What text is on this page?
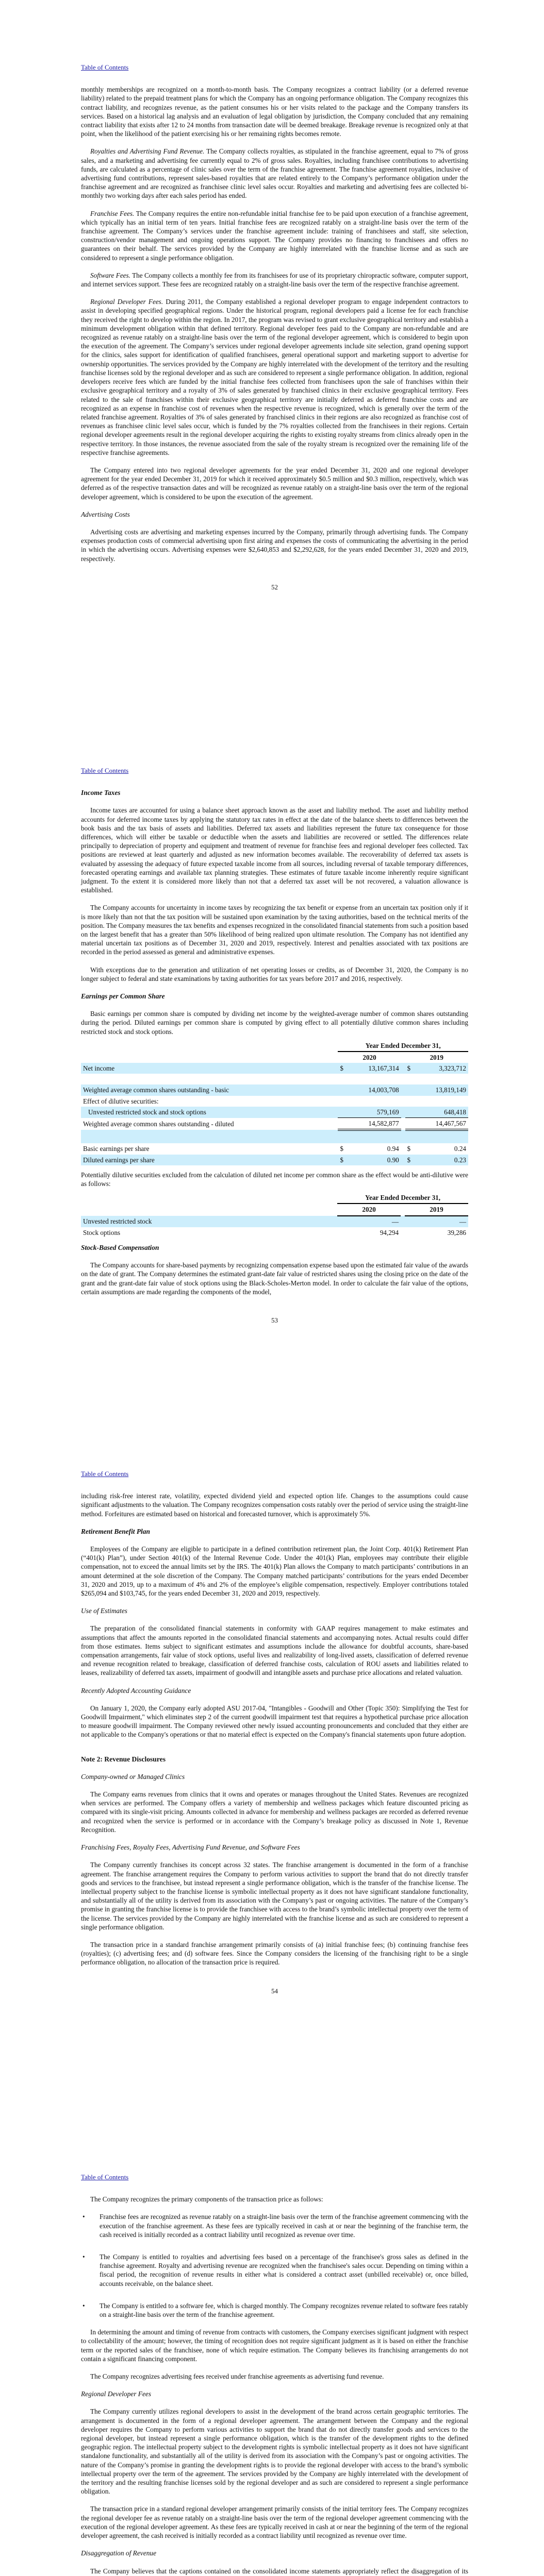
Table of Contents

monthly memberships are recognized on a month-to-month basis. The Company recognizes a contract liability (or a deferred revenue liability) related to the prepaid treatment plans for which the Company has an ongoing performance obligation. The Company recognizes this contract liability, and recognizes revenue, as the patient consumes his or her visits related to the package and the Company transfers its services. Based on a historical lag analysis and an evaluation of legal obligation by jurisdiction, the Company concluded that any remaining contract liability that exists after 12 to 24 months from transaction date will be deemed breakage. Breakage revenue is recognized only at that point, when the likelihood of the patient exercising his or her remaining rights becomes remote.

Royalties and Advertising Fund Revenue. The Company collects royalties, as stipulated in the franchise agreement, equal to 7% of gross sales, and a marketing and advertising fee currently equal to 2% of gross sales. Royalties, including franchisee contributions to advertising funds, are calculated as a percentage of clinic sales over the term of the franchise agreement. The franchise agreement royalties, inclusive of advertising fund contributions, represent sales-based royalties that are related entirely to the Company’s performance obligation under the franchise agreement and are recognized as franchisee clinic level sales occur. Royalties and marketing and advertising fees are collected bi-monthly two working days after each sales period has ended.

Franchise Fees. The Company requires the entire non-refundable initial franchise fee to be paid upon execution of a franchise agreement, which typically has an initial term of ten years. Initial franchise fees are recognized ratably on a straight-line basis over the term of the franchise agreement. The Company’s services under the franchise agreement include: training of franchisees and staff, site selection, construction/vendor management and ongoing operations support. The Company provides no financing to franchisees and offers no guarantees on their behalf. The services provided by the Company are highly interrelated with the franchise license and as such are considered to represent a single performance obligation.

Software Fees. The Company collects a monthly fee from its franchisees for use of its proprietary chiropractic software, computer support, and internet services support. These fees are recognized ratably on a straight-line basis over the term of the respective franchise agreement.

Regional Developer Fees. During 2011, the Company established a regional developer program to engage independent contractors to assist in developing specified geographical regions. Under the historical program, regional developers paid a license fee for each franchise they received the right to develop within the region. In 2017, the program was revised to grant exclusive geographical territory and establish a minimum development obligation within that defined territory. Regional developer fees paid to the Company are non-refundable and are recognized as revenue ratably on a straight-line basis over the term of the regional developer agreement, which is considered to begin upon the execution of the agreement. The Company’s services under regional developer agreements include site selection, grand opening support for the clinics, sales support for identification of qualified franchisees, general operational support and marketing support to advertise for ownership opportunities. The services provided by the Company are highly interrelated with the development of the territory and the resulting franchise licenses sold by the regional developer and as such are considered to represent a single performance obligation. In addition, regional developers receive fees which are funded by the initial franchise fees collected from franchisees upon the sale of franchises within their exclusive geographical territory and a royalty of 3% of sales generated by franchised clinics in their exclusive geographical territory. Fees related to the sale of franchises within their exclusive geographical territory are initially deferred as deferred franchise costs and are recognized as an expense in franchise cost of revenues when the respective revenue is recognized, which is generally over the term of the related franchise agreement. Royalties of 3% of sales generated by franchised clinics in their regions are also recognized as franchise cost of revenues as franchisee clinic level sales occur, which is funded by the 7% royalties collected from the franchisees in their regions. Certain regional developer agreements result in the regional developer acquiring the rights to existing royalty streams from clinics already open in the respective territory. In those instances, the revenue associated from the sale of the royalty stream is recognized over the remaining life of the respective franchise agreements.

The Company entered into two regional developer agreements for the year ended December 31, 2020 and one regional developer agreement for the year ended December 31, 2019 for which it received approximately $0.5 million and $0.3 million, respectively, which was deferred as of the respective transaction dates and will be recognized as revenue ratably on a straight-line basis over the term of the regional developer agreement, which is considered to be upon the execution of the agreement.

Advertising Costs

Advertising costs are advertising and marketing expenses incurred by the Company, primarily through advertising funds. The Company expenses production costs of commercial advertising upon first airing and expenses the costs of communicating the advertising in the period in which the advertising occurs. Advertising expenses were $2,640,853 and $2,292,628, for the years ended December 31, 2020 and 2019, respectively.

52
Table of Contents
Income Taxes

Income taxes are accounted for using a balance sheet approach known as the asset and liability method. The asset and liability method accounts for deferred income taxes by applying the statutory tax rates in effect at the date of the balance sheets to differences between the book basis and the tax basis of assets and liabilities. Deferred tax assets and liabilities represent the future tax consequence for those differences, which will either be taxable or deductible when the assets and liabilities are recovered or settled. The differences relate principally to depreciation of property and equipment and treatment of revenue for franchise fees and regional developer fees collected. Tax positions are reviewed at least quarterly and adjusted as new information becomes available. The recoverability of deferred tax assets is evaluated by assessing the adequacy of future expected taxable income from all sources, including reversal of taxable temporary differences, forecasted operating earnings and available tax planning strategies. These estimates of future taxable income inherently require significant judgment. To the extent it is considered more likely than not that a deferred tax asset will be not recovered, a valuation allowance is established.

The Company accounts for uncertainty in income taxes by recognizing the tax benefit or expense from an uncertain tax position only if it is more likely than not that the tax position will be sustained upon examination by the taxing authorities, based on the technical merits of the position. The Company measures the tax benefits and expenses recognized in the consolidated financial statements from such a position based on the largest benefit that has a greater than 50% likelihood of being realized upon ultimate resolution. The Company has not identified any material uncertain tax positions as of December 31, 2020 and 2019, respectively. Interest and penalties associated with tax positions are recorded in the period assessed as general and administrative expenses.

With exceptions due to the generation and utilization of net operating losses or credits, as of December 31, 2020, the Company is no longer subject to federal and state examinations by taxing authorities for tax years before 2017 and 2016, respectively.

Earnings per Common Share

Basic earnings per common share is computed by dividing net income by the weighted-average number of common shares outstanding during the period. Diluted earnings per common share is computed by giving effect to all potentially dilutive common shares including restricted stock and stock options.

	Year Ended December 31,				
	2020			2019	
Net income	$	13,167,314		$	3,323,712

Weighted average common shares outstanding - basic		14,003,708			13,819,149
Effect of dilutive securities:					
Unvested restricted stock and stock options		579,169			648,418
Weighted average common shares outstanding - diluted		14,582,877			14,467,567

Basic earnings per share	$	0.94		$	0.24
Diluted earnings per share	$	0.90		$	0.23

Potentially dilutive securities excluded from the calculation of diluted net income per common share as the effect would be anti-dilutive were as follows:

	Year Ended December 31,				
	2020			2019	
Unvested restricted stock		—			—
Stock options		94,294			39,286
Stock-Based Compensation

The Company accounts for share-based payments by recognizing compensation expense based upon the estimated fair value of the awards on the date of grant. The Company determines the estimated grant-date fair value of restricted shares using the closing price on the date of the grant and the grant-date fair value of stock options using the Black-Scholes-Merton model. In order to calculate the fair value of the options, certain assumptions are made regarding the components of the model,

53
Table of Contents

including risk-free interest rate, volatility, expected dividend yield and expected option life. Changes to the assumptions could cause significant adjustments to the valuation. The Company recognizes compensation costs ratably over the period of service using the straight-line method. Forfeitures are estimated based on historical and forecasted turnover, which is approximately 5%.

Retirement Benefit Plan

Employees of the Company are eligible to participate in a defined contribution retirement plan, the Joint Corp. 401(k) Retirement Plan (“401(k) Plan”), under Section 401(k) of the Internal Revenue Code. Under the 401(k) Plan, employees may contribute their eligible compensation, not to exceed the annual limits set by the IRS. The 401(k) Plan allows the Company to match participants’ contributions in an amount determined at the sole discretion of the Company. The Company matched participants’ contributions for the years ended December 31, 2020 and 2019, up to a maximum of 4% and 2% of the employee’s eligible compensation, respectively. Employer contributions totaled $265,094 and $103,745, for the years ended December 31, 2020 and 2019, respectively.

Use of Estimates

The preparation of the consolidated financial statements in conformity with GAAP requires management to make estimates and assumptions that affect the amounts reported in the consolidated financial statements and accompanying notes. Actual results could differ from those estimates. Items subject to significant estimates and assumptions include the allowance for doubtful accounts, share-based compensation arrangements, fair value of stock options, useful lives and realizability of long-lived assets, classification of deferred revenue and revenue recognition related to breakage, classification of deferred franchise costs, calculation of ROU assets and liabilities related to leases, realizability of deferred tax assets, impairment of goodwill and intangible assets and purchase price allocations and related valuation.

Recently Adopted Accounting Guidance

On January 1, 2020, the Company early adopted ASU 2017-04, "Intangibles - Goodwill and Other (Topic 350): Simplifying the Test for Goodwill Impairment," which eliminates step 2 of the current goodwill impairment test that requires a hypothetical purchase price allocation to measure goodwill impairment. The Company reviewed other newly issued accounting pronouncements and concluded that they either are not applicable to the Company's operations or that no material effect is expected on the Company's financial statements upon future adoption.

Note 2: Revenue Disclosures
Company-owned or Managed Clinics

The Company earns revenues from clinics that it owns and operates or manages throughout the United States. Revenues are recognized when services are performed. The Company offers a variety of membership and wellness packages which feature discounted pricing as compared with its single-visit pricing. Amounts collected in advance for membership and wellness packages are recorded as deferred revenue and recognized when the service is performed or in accordance with the Company’s breakage policy as discussed in Note 1, Revenue Recognition.

Franchising Fees, Royalty Fees, Advertising Fund Revenue, and Software Fees

The Company currently franchises its concept across 32 states. The franchise arrangement is documented in the form of a franchise agreement. The franchise arrangement requires the Company to perform various activities to support the brand that do not directly transfer goods and services to the franchisee, but instead represent a single performance obligation, which is the transfer of the franchise license. The intellectual property subject to the franchise license is symbolic intellectual property as it does not have significant standalone functionality, and substantially all of the utility is derived from its association with the Company’s past or ongoing activities. The nature of the Company’s promise in granting the franchise license is to provide the franchisee with access to the brand’s symbolic intellectual property over the term of the license. The services provided by the Company are highly interrelated with the franchise license and as such are considered to represent a single performance obligation.

The transaction price in a standard franchise arrangement primarily consists of (a) initial franchise fees; (b) continuing franchise fees (royalties); (c) advertising fees; and (d) software fees. Since the Company considers the licensing of the franchising right to be a single performance obligation, no allocation of the transaction price is required.

54
Table of Contents

The Company recognizes the primary components of the transaction price as follows:

• Franchise fees are recognized as revenue ratably on a straight-line basis over the term of the franchise agreement commencing with the execution of the franchise agreement. As these fees are typically received in cash at or near the beginning of the franchise term, the cash received is initially recorded as a contract liability until recognized as revenue over time.
• The Company is entitled to royalties and advertising fees based on a percentage of the franchisee's gross sales as defined in the franchise agreement. Royalty and advertising revenue are recognized when the franchisee's sales occur. Depending on timing within a fiscal period, the recognition of revenue results in either what is considered a contract asset (unbilled receivable) or, once billed, accounts receivable, on the balance sheet.
• The Company is entitled to a software fee, which is charged monthly. The Company recognizes revenue related to software fees ratably on a straight-line basis over the term of the franchise agreement.

In determining the amount and timing of revenue from contracts with customers, the Company exercises significant judgment with respect to collectability of the amount; however, the timing of recognition does not require significant judgment as it is based on either the franchise term or the reported sales of the franchisee, none of which require estimation. The Company believes its franchising arrangements do not contain a significant financing component.

The Company recognizes advertising fees received under franchise agreements as advertising fund revenue.

Regional Developer Fees

The Company currently utilizes regional developers to assist in the development of the brand across certain geographic territories. The arrangement is documented in the form of a regional developer agreement. The arrangement between the Company and the regional developer requires the Company to perform various activities to support the brand that do not directly transfer goods and services to the regional developer, but instead represent a single performance obligation, which is the transfer of the development rights to the defined geographic region. The intellectual property subject to the development rights is symbolic intellectual property as it does not have significant standalone functionality, and substantially all of the utility is derived from its association with the Company’s past or ongoing activities. The nature of the Company’s promise in granting the development rights is to provide the regional developer with access to the brand’s symbolic intellectual property over the term of the agreement. The services provided by the Company are highly interrelated with the development of the territory and the resulting franchise licenses sold by the regional developer and as such are considered to represent a single performance obligation.

The transaction price in a standard regional developer arrangement primarily consists of the initial territory fees. The Company recognizes the regional developer fee as revenue ratably on a straight-line basis over the term of the regional developer agreement commencing with the execution of the regional developer agreement. As these fees are typically received in cash at or near the beginning of the term of the regional developer agreement, the cash received is initially recorded as a contract liability until recognized as revenue over time.

Disaggregation of Revenue

The Company believes that the captions contained on the consolidated income statements appropriately reflect the disaggregation of its
